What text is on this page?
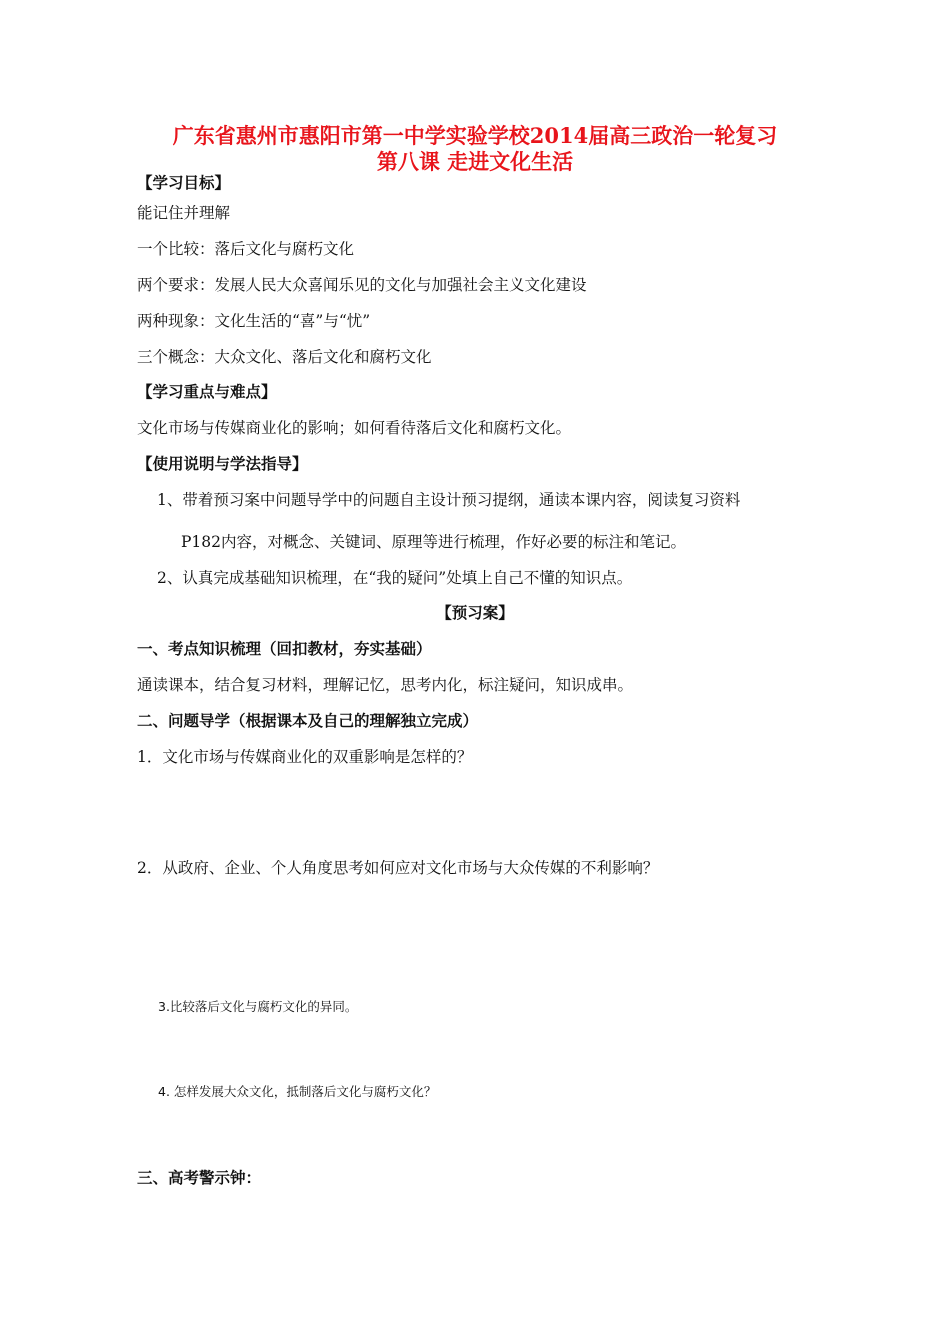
广东省惠州市惠阳市第一中学实验学校2014届高三政治一轮复习
第八课 走进文化生活
【学习目标】
能记住并理解
一个比较：落后文化与腐朽文化
两个要求：发展人民大众喜闻乐见的文化与加强社会主义文化建设
两种现象：文化生活的“喜”与“忧”
三个概念：大众文化、落后文化和腐朽文化
【学习重点与难点】
文化市场与传媒商业化的影响；如何看待落后文化和腐朽文化。
【使用说明与学法指导】
1、带着预习案中问题导学中的问题自主设计预习提纲，通读本课内容，阅读复习资料
P182内容，对概念、关键词、原理等进行梳理，作好必要的标注和笔记。
2、认真完成基础知识梳理，在“我的疑问”处填上自己不懂的知识点。
【预习案】
一、考点知识梳理（回扣教材，夯实基础）
通读课本，结合复习材料，理解记忆，思考内化，标注疑问，知识成串。
二、问题导学（根据课本及自己的理解独立完成）
1．文化市场与传媒商业化的双重影响是怎样的？
2．从政府、企业、个人角度思考如何应对文化市场与大众传媒的不利影响？
3.比较落后文化与腐朽文化的异同。
4. 怎样发展大众文化，抵制落后文化与腐朽文化？
三、高考警示钟：
